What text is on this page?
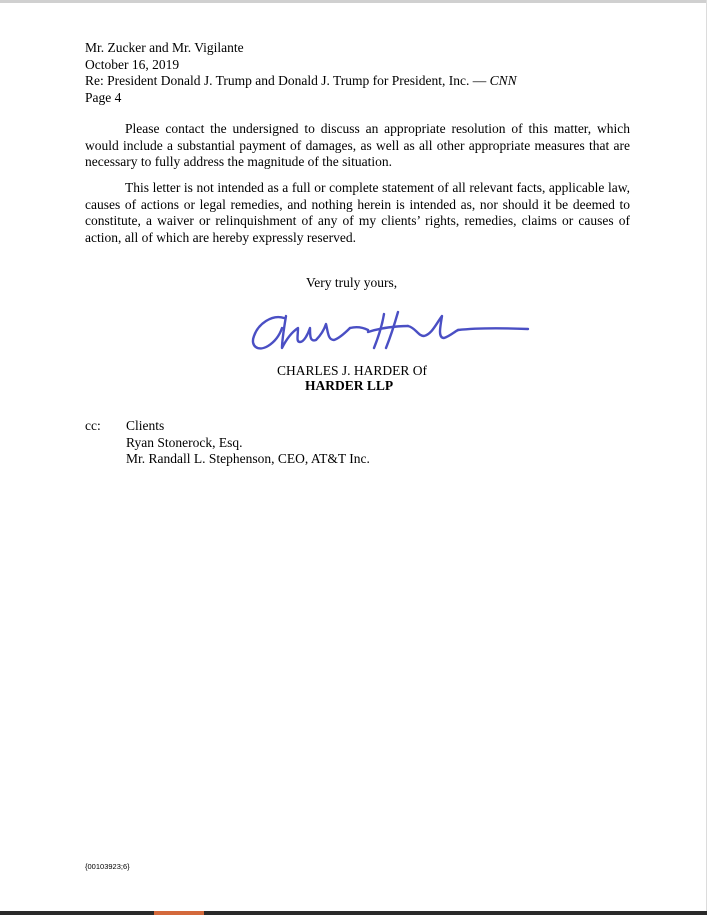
Mr. Zucker and Mr. Vigilante
October 16, 2019
Re: President Donald J. Trump and Donald J. Trump for President, Inc. — CNN
Page 4

Please contact the undersigned to discuss an appropriate resolution of this matter, which would include a substantial payment of damages, as well as all other appropriate measures that are necessary to fully address the magnitude of the situation.

This letter is not intended as a full or complete statement of all relevant facts, applicable law, causes of actions or legal remedies, and nothing herein is intended as, nor should it be deemed to constitute, a waiver or relinquishment of any of my clients’ rights, remedies, claims or causes of action, all of which are hereby expressly reserved.

Very truly yours,
CHARLES J. HARDER Of
HARDER LLP
cc: Clients
Ryan Stonerock, Esq.
Mr. Randall L. Stephenson, CEO, AT&T Inc.
{00103923;6}
